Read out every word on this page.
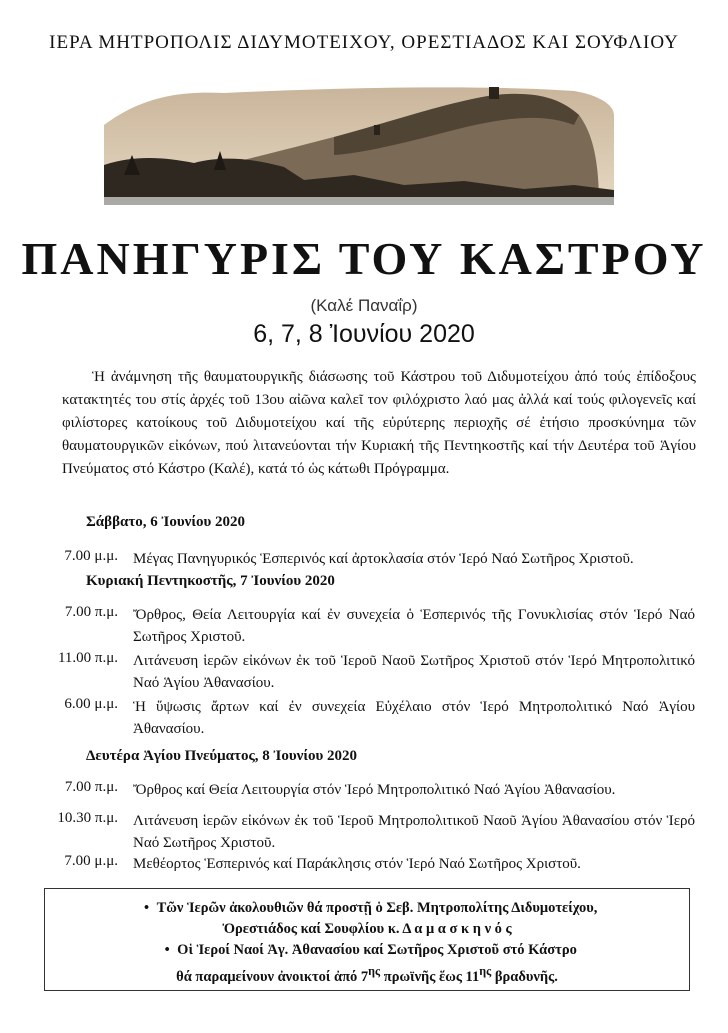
ΙΕΡΑ ΜΗΤΡΟΠΟΛΙΣ ΔΙΔΥΜΟΤΕΙΧΟΥ, ΟΡΕΣΤΙΑΔΟΣ ΚΑΙ ΣΟΥΦΛΙΟΥ
ΠΑΝΗΓΥΡΙΣ ΤΟΥ ΚΑΣΤΡΟΥ
(Καλέ Παναΐρ)
6, 7, 8 Ἰουνίου 2020
Ἡ ἀνάμνηση τῆς θαυματουργικῆς διάσωσης τοῦ Κάστρου τοῦ Διδυμοτείχου ἀπό τούς ἐπίδοξους κατακτητές του στίς ἀρχές τοῦ 13ου αἰῶνα καλεῖ τον φιλόχριστο λαό μας ἀλλά καί τούς φιλογενεῖς καί φιλίστορες κατοίκους τοῦ Διδυμοτείχου καί τῆς εὐρύτερης περιοχῆς σέ ἐτήσιο προσκύνημα τῶν θαυματουργικῶν εἰκόνων, πού λιτανεύονται τήν Κυριακή τῆς Πεντηκοστῆς καί τήν Δευτέρα τοῦ Ἁγίου Πνεύματος στό Κάστρο (Καλέ), κατά τό ὡς κάτωθι Πρόγραμμα.
Σάββατο, 6 Ἰουνίου 2020
7.00 μ.μ. Μέγας Πανηγυρικός Ἑσπερινός καί ἀρτοκλασία στόν Ἱερό Ναό Σωτῆρος Χριστοῦ.
Κυριακή Πεντηκοστῆς, 7 Ἰουνίου 2020
7.00 π.μ. Ὄρθρος, Θεία Λειτουργία καί ἐν συνεχεία ὁ Ἑσπερινός τῆς Γονυκλισίας στόν Ἱερό Ναό Σωτῆρος Χριστοῦ.
11.00 π.μ. Λιτάνευση ἱερῶν εἰκόνων ἐκ τοῦ Ἱεροῦ Ναοῦ Σωτῆρος Χριστοῦ στόν Ἱερό Μητροπολιτικό Ναό Ἁγίου Ἀθανασίου.
6.00 μ.μ. Ἡ ὕψωσις ἄρτων καί ἐν συνεχεία Εὐχέλαιο στόν Ἱερό Μητροπολιτικό Ναό Ἁγίου Ἀθανασίου.
Δευτέρα Ἁγίου Πνεύματος, 8 Ἰουνίου 2020
7.00 π.μ. Ὄρθρος καί Θεία Λειτουργία στόν Ἱερό Μητροπολιτικό Ναό Ἁγίου Ἀθανασίου.
10.30 π.μ. Λιτάνευση ἱερῶν εἰκόνων ἐκ τοῦ Ἱεροῦ Μητροπολιτικοῦ Ναοῦ Ἁγίου Ἀθανασίου στόν Ἱερό Ναό Σωτῆρος Χριστοῦ.
7.00 μ.μ. Μεθέορτος Ἑσπερινός καί Παράκλησις στόν Ἱερό Ναό Σωτῆρος Χριστοῦ.
• Τῶν Ἱερῶν ἀκολουθιῶν θά προστῇ ὁ Σεβ. Μητροπολίτης Διδυμοτείχου,
Ὀρεστιάδος καί Σουφλίου κ. Δ α μ α σ κ η ν ό ς
• Οἱ Ἱεροί Ναοί Ἁγ. Ἀθανασίου καί Σωτῆρος Χριστοῦ στό Κάστρο
θά παραμείνουν ἀνοικτοί ἀπό $7^{\eta\varsigma}$ πρωϊνῆς ἕως $11^{\eta\varsigma}$ βραδυνῆς.
